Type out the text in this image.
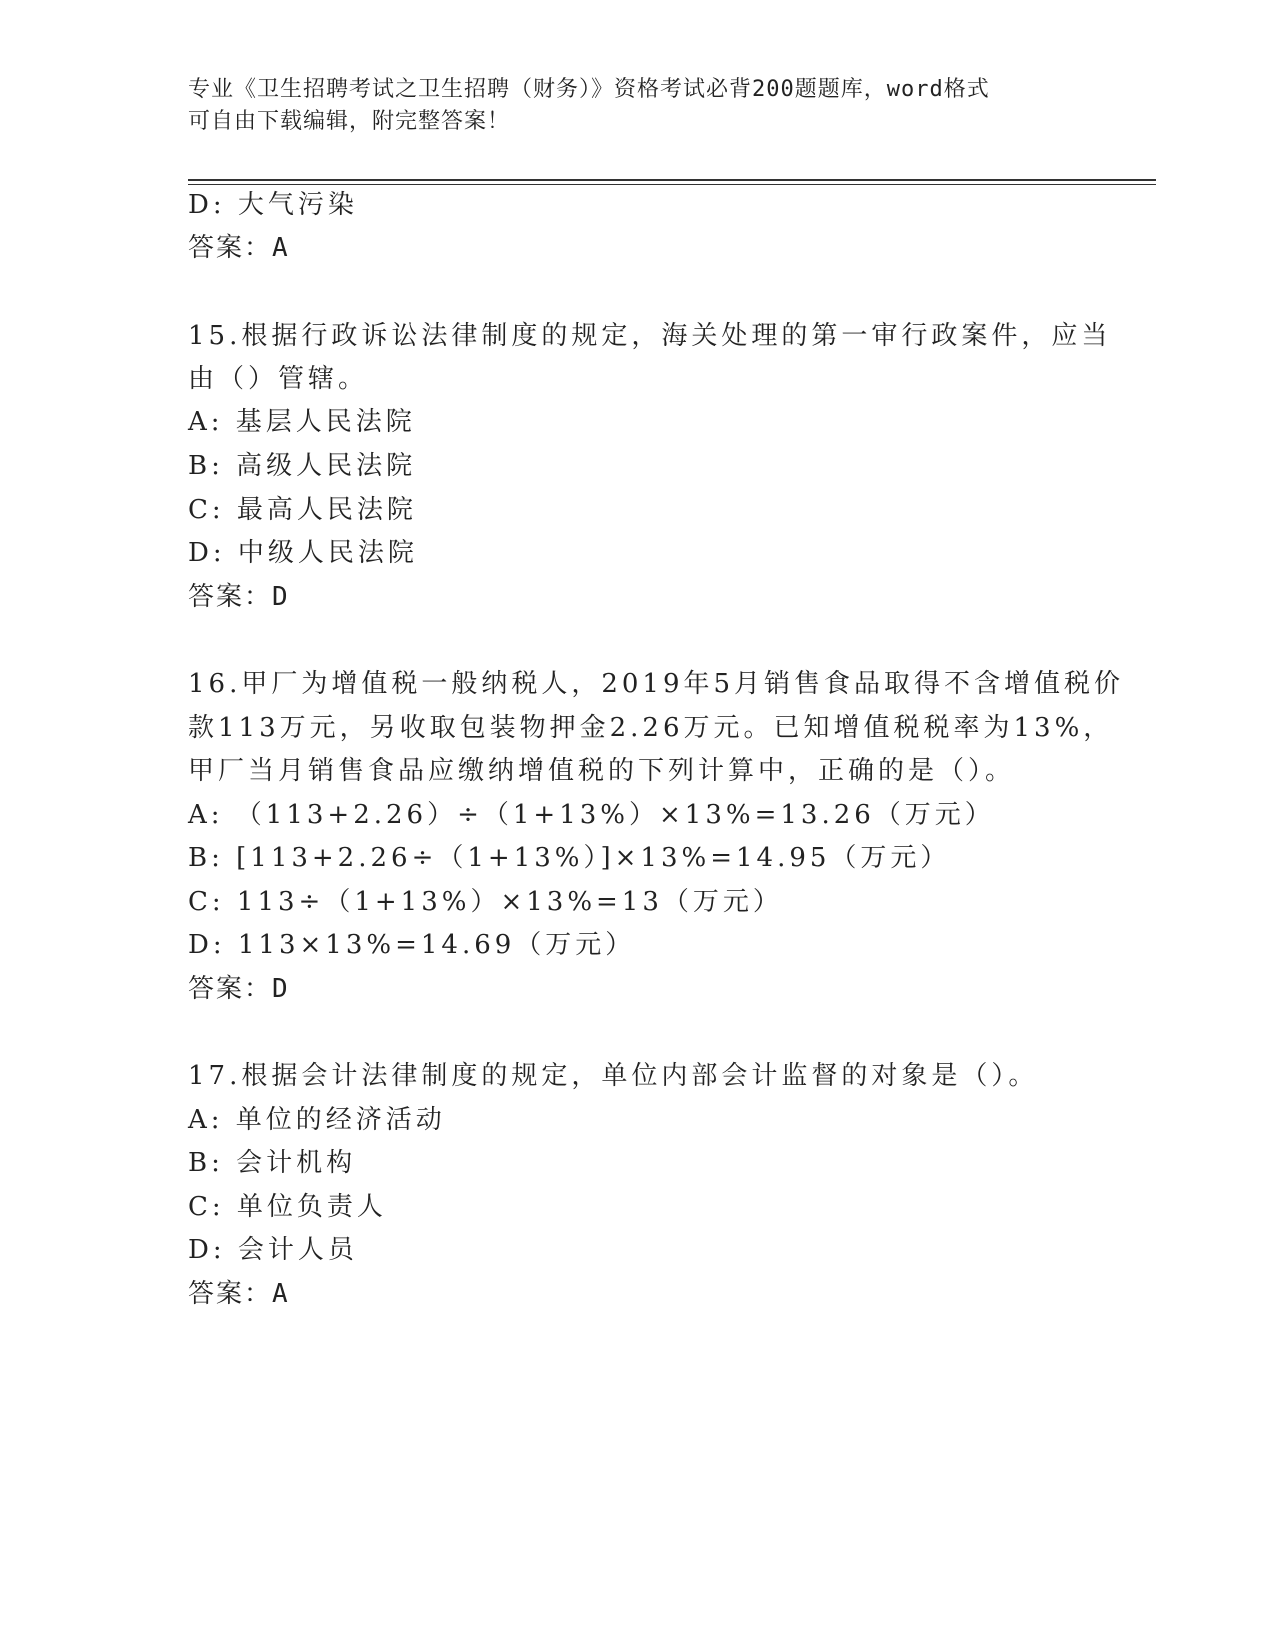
专业《卫生招聘考试之卫生招聘（财务）》资格考试必背200题题库，word格式
可自由下载编辑，附完整答案！
D: 大气污染
答案：A
15.根据行政诉讼法律制度的规定，海关处理的第一审行政案件，应当
由（）管辖。
A: 基层人民法院
B: 高级人民法院
C: 最高人民法院
D: 中级人民法院
答案：D
16.甲厂为增值税一般纳税人，2019年5月销售食品取得不含增值税价
款113万元，另收取包装物押金2.26万元。已知增值税税率为13%，
甲厂当月销售食品应缴纳增值税的下列计算中，正确的是（）。
A: （113+2.26）÷（1+13%）×13%=13.26（万元）
B: [113+2.26÷（1+13%）]×13%=14.95（万元）
C: 113÷（1+13%）×13%=13（万元）
D: 113×13%=14.69（万元）
答案：D
17.根据会计法律制度的规定，单位内部会计监督的对象是（）。
A: 单位的经济活动
B: 会计机构
C: 单位负责人
D: 会计人员
答案：A
